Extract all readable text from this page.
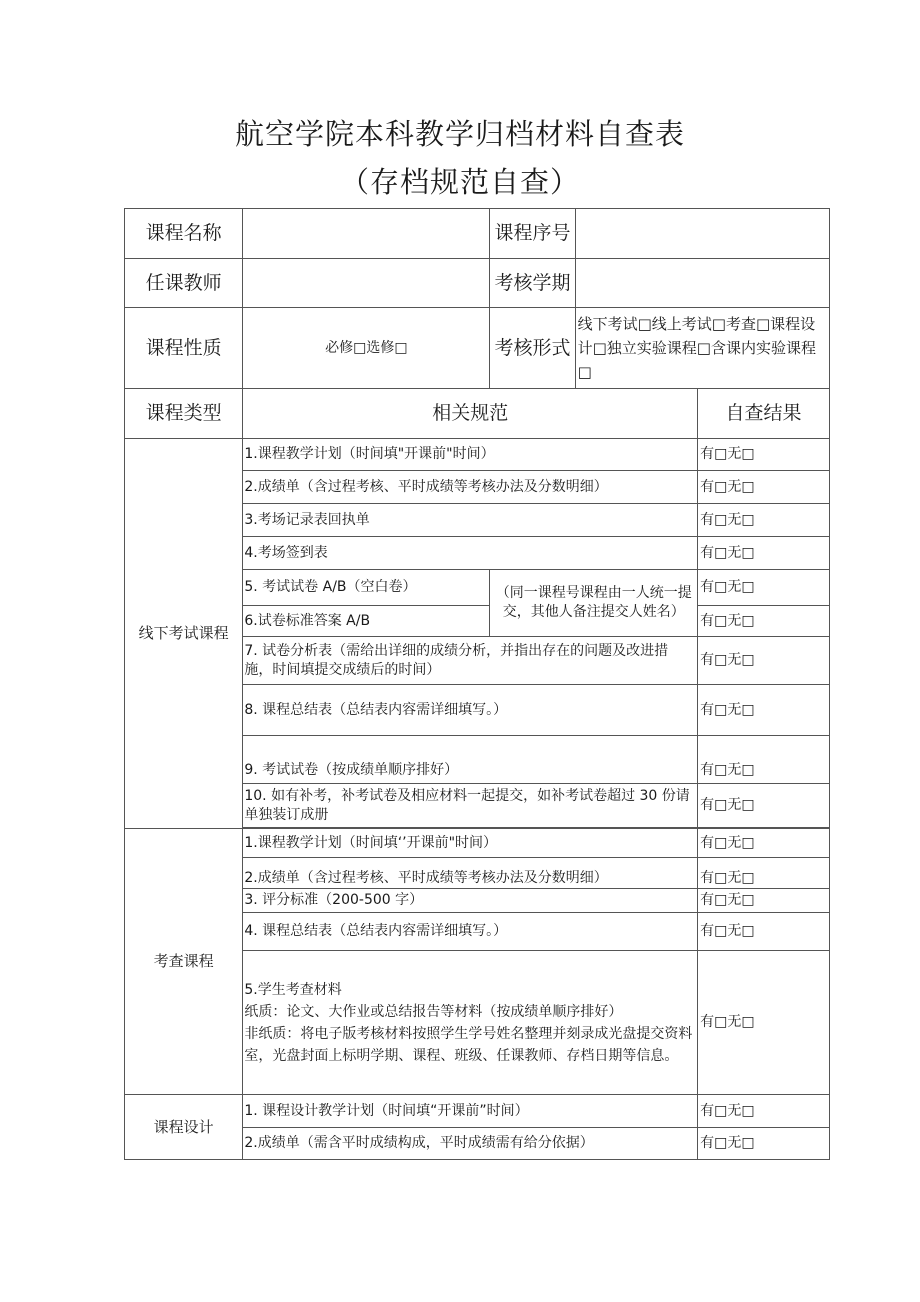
航空学院本科教学归档材料自查表
（存档规范自查）
课程名称		课程序号		
任课教师		考核学期		
课程性质	必修□选修□	考核形式	线下考试□线上考试□考查□课程设计□独立实验课程□含课内实验课程□	
课程类型	相关规范			自查结果
线下考试课程	1.课程教学计划（时间填"开课前"时间）			有□无□
	2.成绩单（含过程考核、平时成绩等考核办法及分数明细）			有□无□
	3.考场记录表回执单			有□无□
	4.考场签到表			有□无□
	5. 考试试卷 A/B（空白卷）	（同一课程号课程由一人统一提交，其他人备注提交人姓名）		有□无□
	6.试卷标准答案 A/B			有□无□
	7. 试卷分析表（需给出详细的成绩分析，并指出存在的问题及改进措施，时间填提交成绩后的时间）			有□无□
	8. 课程总结表（总结表内容需详细填写。）			有□无□
	9. 考试试卷（按成绩单顺序排好）			有□无□
	10. 如有补考，补考试卷及相应材料一起提交，如补考试卷超过 30 份请单独装订成册			有□无□

考查课程	1.课程教学计划（时间填‘’开课前"时间）			有□无□
	2.成绩单（含过程考核、平时成绩等考核办法及分数明细）			有□无□
	3. 评分标准（200-500 字）			有□无□
	4. 课程总结表（总结表内容需详细填写。）			有□无□

	5.学生考查材料
纸质：论文、大作业或总结报告等材料（按成绩单顺序排好）
非纸质：将电子版考核材料按照学生学号姓名整理并刻录成光盘提交资料室，光盘封面上标明学期、课程、班级、任课教师、存档日期等信息。			有□无□
课程设计	1. 课程设计教学计划（时间填“开课前”时间）			有□无□
	2.成绩单（需含平时成绩构成，平时成绩需有给分依据）			有□无□
